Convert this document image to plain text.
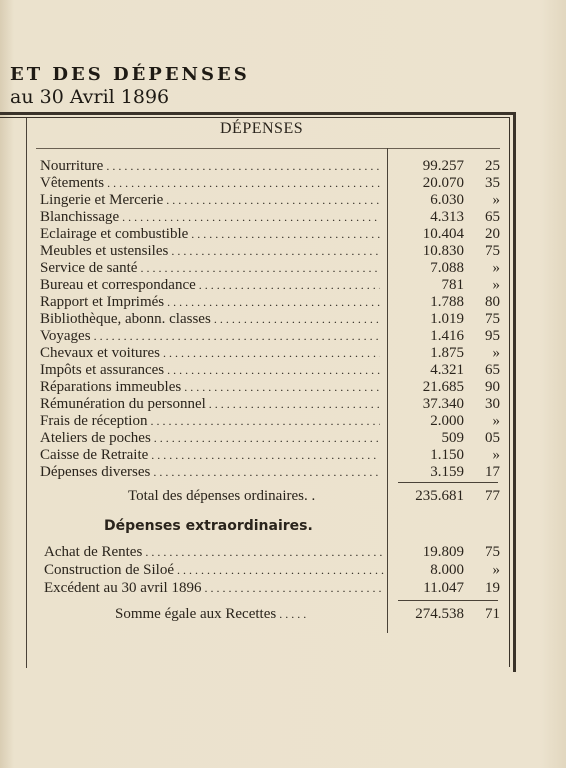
ET DES DÉPENSES
au 30 Avril 1896
DÉPENSES
Nourriture . . .	99.257	25
Vêtements . . .	20.070	35
Lingerie et Mercerie . . .	6.030	»
Blanchissage . . .	4.313	65
Eclairage et combustible . . .	10.404	20
Meubles et ustensiles . . .	10.830	75
Service de santé . . .	7.088	»
Bureau et correspondance . . .	781	»
Rapport et Imprimés . . .	1.788	80
Bibliothèque, abonn. classes . . .	1.019	75
Voyages . . .	1.416	95
Chevaux et voitures . . .	1.875	»
Impôts et assurances . . .	4.321	65
Réparations immeubles . . .	21.685	90
Rémunération du personnel . . .	37.340	30
Frais de réception . . .	2.000	»
Ateliers de poches . . .	509	05
Caisse de Retraite . . .	1.150	»
Dépenses diverses . . .	3.159	17
Total des dépenses ordinaires. .	235.681	77
Dépenses extraordinaires.
Achat de Rentes . . .	19.809	75
Construction de Siloé . . .	8.000	»
Excédent au 30 avril 1896 . . .	11.047	19
Somme égale aux Recettes . . .	274.538	71
